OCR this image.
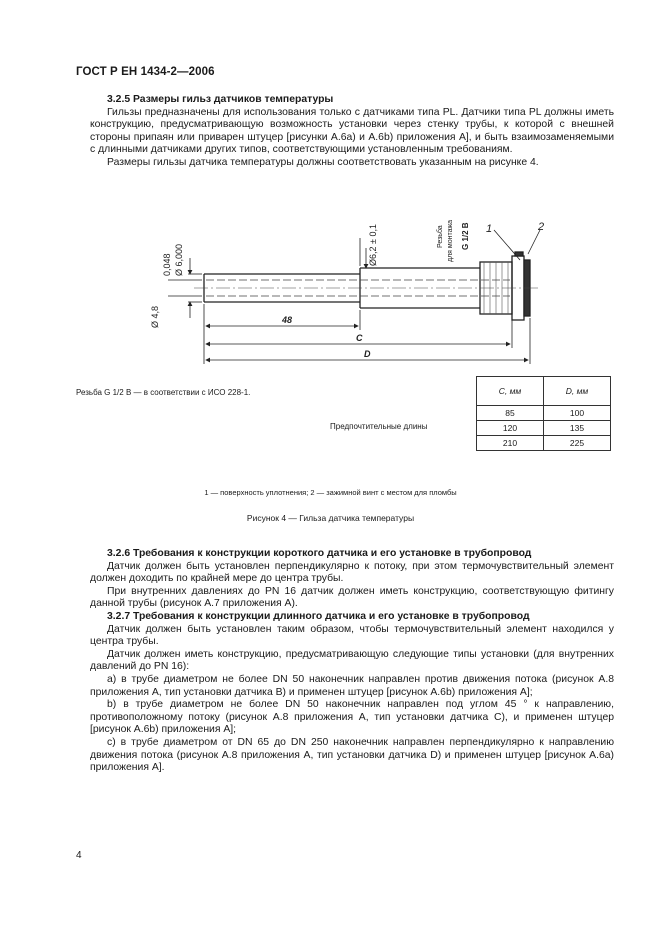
ГОСТ Р ЕН 1434-2—2006

3.2.5 Размеры гильз датчиков температуры

Гильзы предназначены для использования только с датчиками типа PL. Датчики типа PL должны иметь конструкцию, предусматривающую возможность установки через стенку трубы, к которой с внешней стороны припаян или приварен штуцер [рисунки А.6а) и А.6b) приложения А], и быть взаимозаменяемыми с длинными датчиками других типов, соответствующими установленным требованиям.

Размеры гильзы датчика температуры должны соответствовать указанным на рисунке 4.

Ø 4,8
0,048 Ø 6,000	Ø6,2 ± 0,1	Резьба для монтажа G 1/2 B 1	2
48
C
D
Резьба G 1/2 B — в соответствии с ИСО 228-1.
Предпочтительные длины
C, мм	D, мм
85	100
120	135
210	225
1 — поверхность уплотнения; 2 — зажимной винт с местом для пломбы
Рисунок 4 — Гильза датчика температуры

3.2.6 Требования к конструкции короткого датчика и его установке в трубопровод

Датчик должен быть установлен перпендикулярно к потоку, при этом термочувствительный элемент должен доходить по крайней мере до центра трубы.

При внутренних давлениях до PN 16 датчик должен иметь конструкцию, соответствующую фитингу данной трубы (рисунок А.7 приложения А).

3.2.7 Требования к конструкции длинного датчика и его установке в трубопровод

Датчик должен быть установлен таким образом, чтобы термочувствительный элемент находился у центра трубы.

Датчик должен иметь конструкцию, предусматривающую следующие типы установки (для внутренних давлений до PN 16):

а) в трубе диаметром не более DN 50 наконечник направлен против движения потока (рисунок А.8 приложения А, тип установки датчика B) и применен штуцер [рисунок А.6b) приложения А];

b) в трубе диаметром не более DN 50 наконечник направлен под углом 45 ° к направлению, противоположному потоку (рисунок А.8 приложения А, тип установки датчика C), и применен штуцер [рисунок А.6b) приложения А];

с) в трубе диаметром от DN 65 до DN 250 наконечник направлен перпендикулярно к направлению движения потока (рисунок А.8 приложения А, тип установки датчика D) и применен штуцер [рисунок А.6а) приложения А].

4
